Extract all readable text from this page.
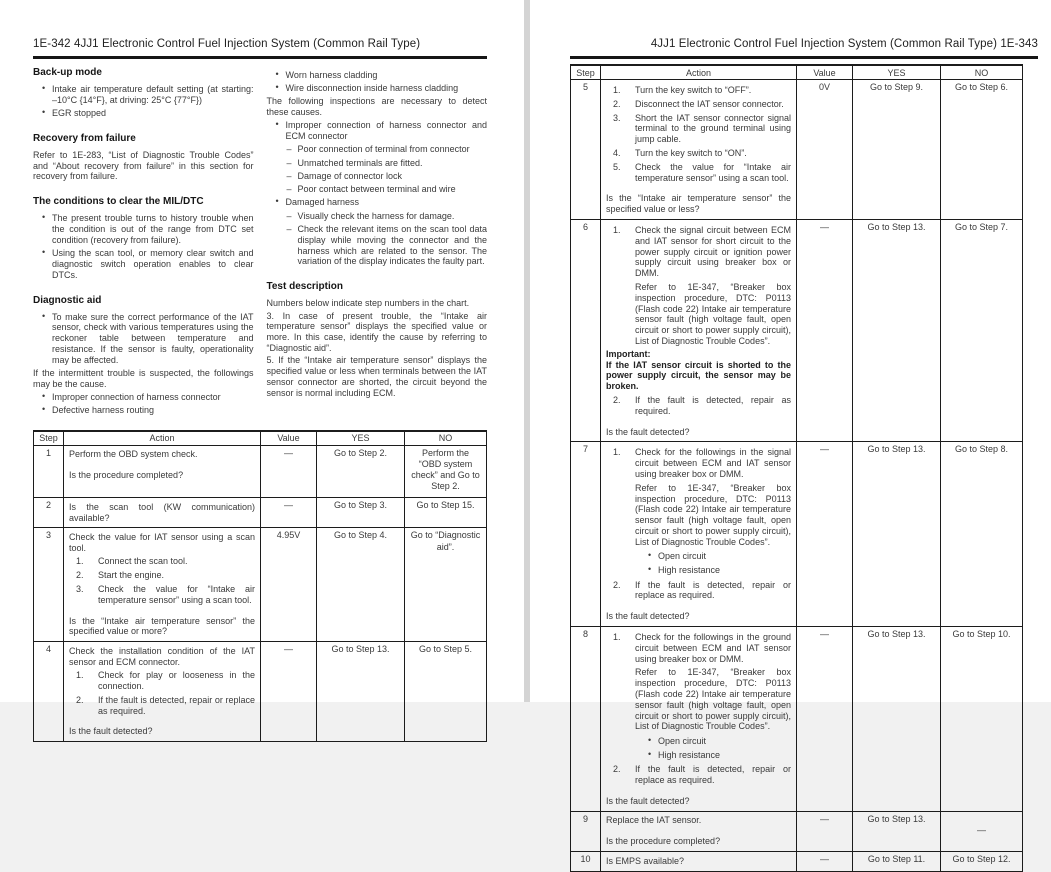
1E-342 4JJ1 Electronic Control Fuel Injection System (Common Rail Type)
Back-up mode
• Intake air temperature default setting (at starting: –10°C {14°F}, at driving: 25°C {77°F})
• EGR stopped
Recovery from failure
Refer to 1E-283, “List of Diagnostic Trouble Codes” and “About recovery from failure” in this section for recovery from failure.
The conditions to clear the MIL/DTC
• The present trouble turns to history trouble when the condition is out of the range from DTC set condition (recovery from failure).
• Using the scan tool, or memory clear switch and diagnostic switch operation enables to clear DTCs.
Diagnostic aid
• To make sure the correct performance of the IAT sensor, check with various temperatures using the reckoner table between temperature and resistance. If the sensor is faulty, operationality may be affected.
If the intermittent trouble is suspected, the followings may be the cause.
• Improper connection of harness connector
• Defective harness routing
• Worn harness cladding
• Wire disconnection inside harness cladding
The following inspections are necessary to detect these causes.
• Improper connection of harness connector and ECM connector
– Poor connection of terminal from connector
– Unmatched terminals are fitted.
– Damage of connector lock
– Poor contact between terminal and wire
• Damaged harness
– Visually check the harness for damage.
– Check the relevant items on the scan tool data display while moving the connector and the harness which are related to the sensor. The variation of the display indicates the faulty part.
Test description
Numbers below indicate step numbers in the chart.
3. In case of present trouble, the “Intake air temperature sensor” displays the specified value or more. In this case, identify the cause by referring to “Diagnostic aid”.
5. If the “Intake air temperature sensor” displays the specified value or less when terminals between the IAT sensor connector are shorted, the circuit beyond the sensor is normal including ECM.
Step	Action	Value	YES	NO
1	Perform the OBD system check.
Is the procedure completed?	—	Go to Step 2.	Perform the “OBD system check” and Go to Step 2.
2	Is the scan tool (KW communication) available?	—	Go to Step 3.	Go to Step 15.
3	Check the value for IAT sensor using a scan tool.
1. Connect the scan tool.
2. Start the engine.
3. Check the value for “Intake air temperature sensor” using a scan tool.
Is the “Intake air temperature sensor” the specified value or more?
	4.95V	Go to Step 4.	Go to “Diagnostic aid”.
4	Check the installation condition of the IAT sensor and ECM connector.
1. Check for play or looseness in the connection.
2. If the fault is detected, repair or replace as required.
Is the fault detected?
	—	Go to Step 13.	Go to Step 5.
4JJ1 Electronic Control Fuel Injection System (Common Rail Type) 1E-343
Step	Action	Value	YES	NO
5	1. Turn the key switch to “OFF”.
2. Disconnect the IAT sensor connector.
3. Short the IAT sensor connector signal terminal to the ground terminal using jump cable.
4. Turn the key switch to “ON”.
5. Check the value for “Intake air temperature sensor” using a scan tool.
Is the “Intake air temperature sensor” the specified value or less?
	0V	Go to Step 9.	Go to Step 6.
6	1. Check the signal circuit between ECM and IAT sensor for short circuit to the power supply circuit or ignition power supply circuit using breaker box or DMM.
Refer to 1E-347, “Breaker box inspection procedure, DTC: P0113 (Flash code 22) Intake air temperature sensor fault (high voltage fault, open circuit or short to power supply circuit), List of Diagnostic Trouble Codes”.
Important:
If the IAT sensor circuit is shorted to the power supply circuit, the sensor may be broken.
2. If the fault is detected, repair as required.
Is the fault detected?
	—	Go to Step 13.	Go to Step 7.
7	1. Check for the followings in the signal circuit between ECM and IAT sensor using breaker box or DMM.
Refer to 1E-347, “Breaker box inspection procedure, DTC: P0113 (Flash code 22) Intake air temperature sensor fault (high voltage fault, open circuit or short to power supply circuit), List of Diagnostic Trouble Codes”.
• Open circuit
• High resistance
2. If the fault is detected, repair or replace as required.
Is the fault detected?
	—	Go to Step 13.	Go to Step 8.
8	1. Check for the followings in the ground circuit between ECM and IAT sensor using breaker box or DMM.
Refer to 1E-347, “Breaker box inspection procedure, DTC: P0113 (Flash code 22) Intake air temperature sensor fault (high voltage fault, open circuit or short to power supply circuit), List of Diagnostic Trouble Codes”.
• Open circuit
• High resistance
2. If the fault is detected, repair or replace as required.
Is the fault detected?
	—	Go to Step 13.	Go to Step 10.
9	Replace the IAT sensor.
Is the procedure completed?	—	Go to Step 13.	—
10	Is EMPS available?	—	Go to Step 11.	Go to Step 12.
